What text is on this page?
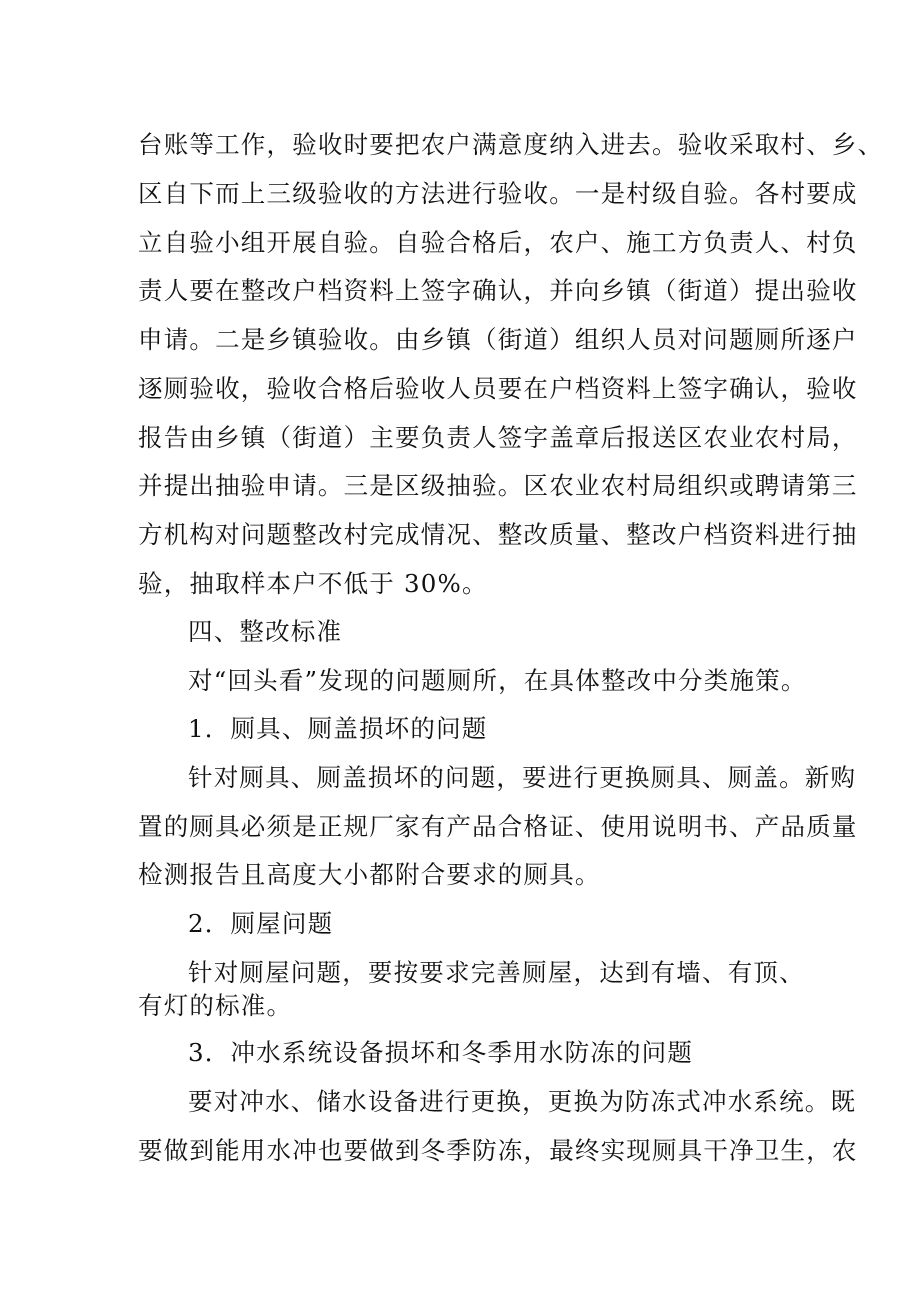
台账等工作，验收时要把农户满意度纳入进去。验收采取村、乡、
区自下而上三级验收的方法进行验收。一是村级自验。各村要成
立自验小组开展自验。自验合格后，农户、施工方负责人、村负
责人要在整改户档资料上签字确认，并向乡镇（街道）提出验收
申请。二是乡镇验收。由乡镇（街道）组织人员对问题厕所逐户
逐厕验收，验收合格后验收人员要在户档资料上签字确认，验收
报告由乡镇（街道）主要负责人签字盖章后报送区农业农村局，
并提出抽验申请。三是区级抽验。区农业农村局组织或聘请第三
方机构对问题整改村完成情况、整改质量、整改户档资料进行抽
验，抽取样本户不低于 30%。
四、整改标准
对“回头看”发现的问题厕所，在具体整改中分类施策。
1．厕具、厕盖损坏的问题
针对厕具、厕盖损坏的问题，要进行更换厕具、厕盖。新购
置的厕具必须是正规厂家有产品合格证、使用说明书、产品质量
检测报告且高度大小都附合要求的厕具。
2．厕屋问题
针对厕屋问题，要按要求完善厕屋，达到有墙、有顶、
有灯的标准。
3．冲水系统设备损坏和冬季用水防冻的问题
要对冲水、储水设备进行更换，更换为防冻式冲水系统。既
要做到能用水冲也要做到冬季防冻，最终实现厕具干净卫生，农
